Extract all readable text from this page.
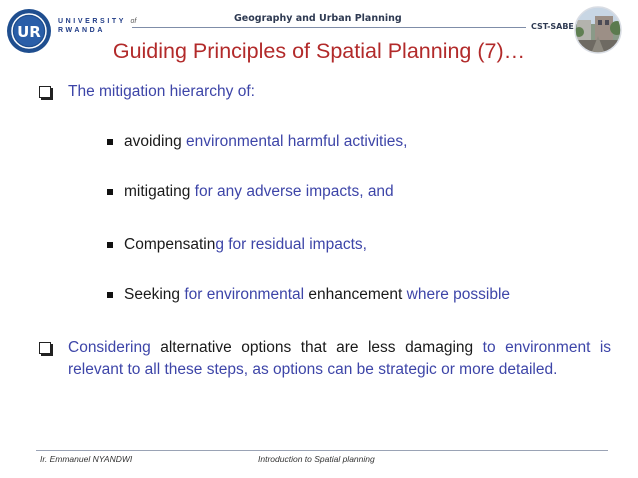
UR
UNIVERSITY of
RWANDA
Geography and Urban Planning
CST-SABE
Guiding Principles of Spatial Planning (7)…
The mitigation hierarchy of:
avoiding environmental harmful activities,
mitigating for any adverse impacts, and
Compensating for residual impacts,
Seeking for environmental enhancement where possible
Considering alternative options that are less damaging to environment is relevant to all these steps, as options can be strategic or more detailed.
Ir. Emmanuel NYANDWI	Introduction to Spatial planning
